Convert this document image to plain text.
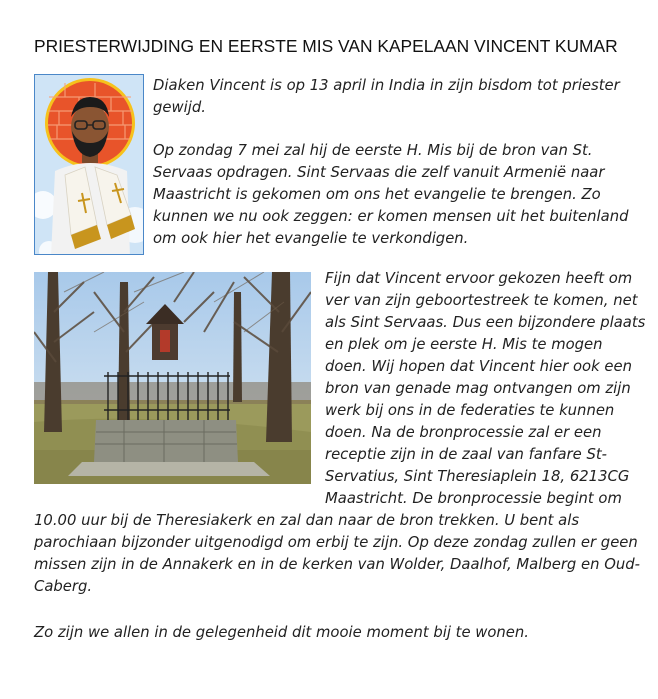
PRIESTERWIJDING EN EERSTE MIS VAN KAPELAAN VINCENT KUMAR

Diaken Vincent is op 13 april in India in zijn bisdom tot priester gewijd.

Op zondag 7 mei zal hij de eerste H. Mis bij de bron van St. Servaas opdragen. Sint Servaas die zelf vanuit Armenië naar Maastricht is gekomen om ons het evangelie te brengen. Zo kunnen we nu ook zeggen: er komen mensen uit het buitenland om ook hier het evangelie te verkondigen.

Fijn dat Vincent ervoor gekozen heeft om ver van zijn geboortestreek te komen, net als Sint Servaas. Dus een bijzondere plaats en plek om je eerste H. Mis te mogen doen. Wij hopen dat Vincent hier ook een bron van genade mag ontvangen om zijn werk bij ons in de federaties te kunnen doen. Na de bronprocessie zal er een receptie zijn in de zaal van fanfare St-Servatius, Sint Theresiaplein 18, 6213CG Maastricht. De bronprocessie begint om 10.00 uur bij de Theresiakerk en zal dan naar de bron trekken. U bent als parochiaan bijzonder uitgenodigd om erbij te zijn. Op deze zondag zullen er geen missen zijn in de Annakerk en in de kerken van Wolder, Daalhof, Malberg en Oud-Caberg.

Zo zijn we allen in de gelegenheid dit mooie moment bij te wonen.
